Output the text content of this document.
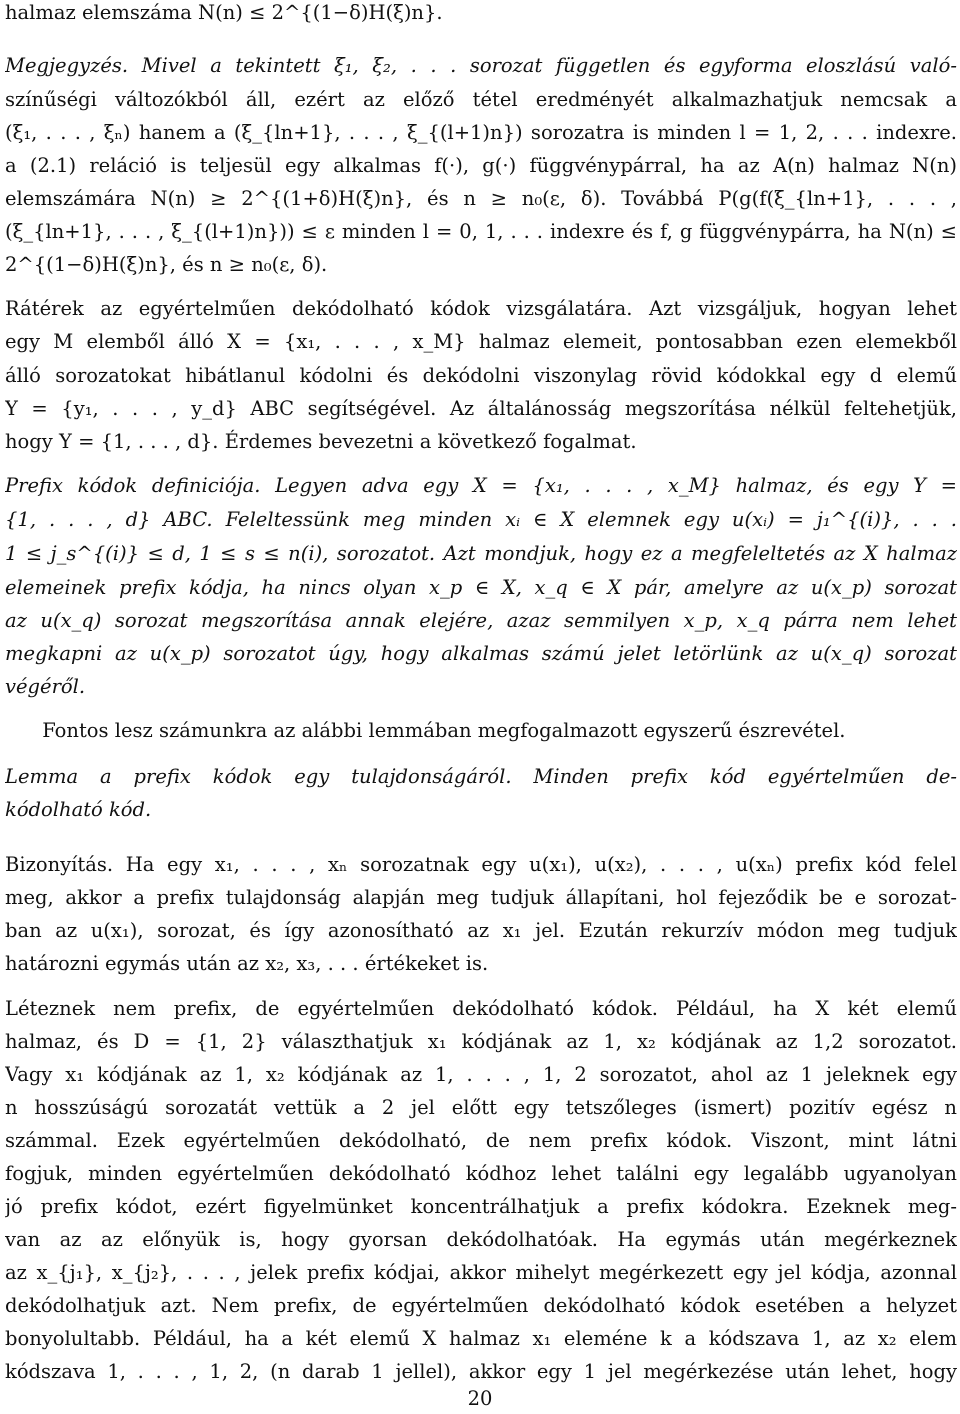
halmaz elemszáma N(n) ≤ 2^{(1−δ)H(ξ)n}.
Megjegyzés. Mivel a tekintett ξ₁, ξ₂, . . . sorozat független és egyforma eloszlású való-
színűségi változókból áll, ezért az előző tétel eredményét alkalmazhatjuk nemcsak a
(ξ₁, . . . , ξₙ) hanem a (ξ_{ln+1}, . . . , ξ_{(l+1)n}) sorozatra is minden l = 1, 2, . . . indexre.
a (2.1) reláció is teljesül egy alkalmas f(·), g(·) függvénypárral, ha az A(n) halmaz N(n)
elemszámára N(n) ≥ 2^{(1+δ)H(ξ)n}, és n ≥ n₀(ε, δ). Továbbá P(g(f(ξ_{ln+1}, . . . ,
(ξ_{ln+1}, . . . , ξ_{(l+1)n})) ≤ ε minden l = 0, 1, . . . indexre és f, g függvénypárra, ha N(n) ≤
2^{(1−δ)H(ξ)n}, és n ≥ n₀(ε, δ).
Rátérek az egyértelműen dekódolható kódok vizsgálatára. Azt vizsgáljuk, hogyan lehet
egy M elemből álló X = {x₁, . . . , x_M} halmaz elemeit, pontosabban ezen elemekből
álló sorozatokat hibátlanul kódolni és dekódolni viszonylag rövid kódokkal egy d elemű
Y = {y₁, . . . , y_d} ABC segítségével. Az általánosság megszorítása nélkül feltehetjük,
hogy Y = {1, . . . , d}. Érdemes bevezetni a következő fogalmat.
Prefix kódok definiciója. Legyen adva egy X = {x₁, . . . , x_M} halmaz, és egy Y =
{1, . . . , d} ABC. Feleltessünk meg minden xᵢ ∈ X elemnek egy u(xᵢ) = j₁^{(i)}, . . .
1 ≤ j_s^{(i)} ≤ d, 1 ≤ s ≤ n(i), sorozatot. Azt mondjuk, hogy ez a megfeleltetés az X halmaz
elemeinek prefix kódja, ha nincs olyan x_p ∈ X, x_q ∈ X pár, amelyre az u(x_p) sorozat
az u(x_q) sorozat megszorítása annak elejére, azaz semmilyen x_p, x_q párra nem lehet
megkapni az u(x_p) sorozatot úgy, hogy alkalmas számú jelet letörlünk az u(x_q) sorozat
végéről.
Fontos lesz számunkra az alábbi lemmában megfogalmazott egyszerű észrevétel.
Lemma a prefix kódok egy tulajdonságáról. Minden prefix kód egyértelműen de-
kódolható kód.
Bizonyítás. Ha egy x₁, . . . , xₙ sorozatnak egy u(x₁), u(x₂), . . . , u(xₙ) prefix kód felel
meg, akkor a prefix tulajdonság alapján meg tudjuk állapítani, hol fejeződik be e sorozat-
ban az u(x₁), sorozat, és így azonosítható az x₁ jel. Ezután rekurzív módon meg tudjuk
határozni egymás után az x₂, x₃, . . . értékeket is.
Léteznek nem prefix, de egyértelműen dekódolható kódok. Például, ha X két elemű
halmaz, és D = {1, 2} választhatjuk x₁ kódjának az 1, x₂ kódjának az 1,2 sorozatot.
Vagy x₁ kódjának az 1, x₂ kódjának az 1, . . . , 1, 2 sorozatot, ahol az 1 jeleknek egy
n hosszúságú sorozatát vettük a 2 jel előtt egy tetszőleges (ismert) pozitív egész n
számmal. Ezek egyértelműen dekódolható, de nem prefix kódok. Viszont, mint látni
fogjuk, minden egyértelműen dekódolható kódhoz lehet találni egy legalább ugyanolyan
jó prefix kódot, ezért figyelmünket koncentrálhatjuk a prefix kódokra. Ezeknek meg-
van az az előnyük is, hogy gyorsan dekódolhatóak. Ha egymás után megérkeznek
az x_{j₁}, x_{j₂}, . . . , jelek prefix kódjai, akkor mihelyt megérkezett egy jel kódja, azonnal
dekódolhatjuk azt. Nem prefix, de egyértelműen dekódolható kódok esetében a helyzet
bonyolultabb. Például, ha a két elemű X halmaz x₁ eleméne k a kódszava 1, az x₂ elem
kódszava 1, . . . , 1, 2, (n darab 1 jellel), akkor egy 1 jel megérkezése után lehet, hogy
20
